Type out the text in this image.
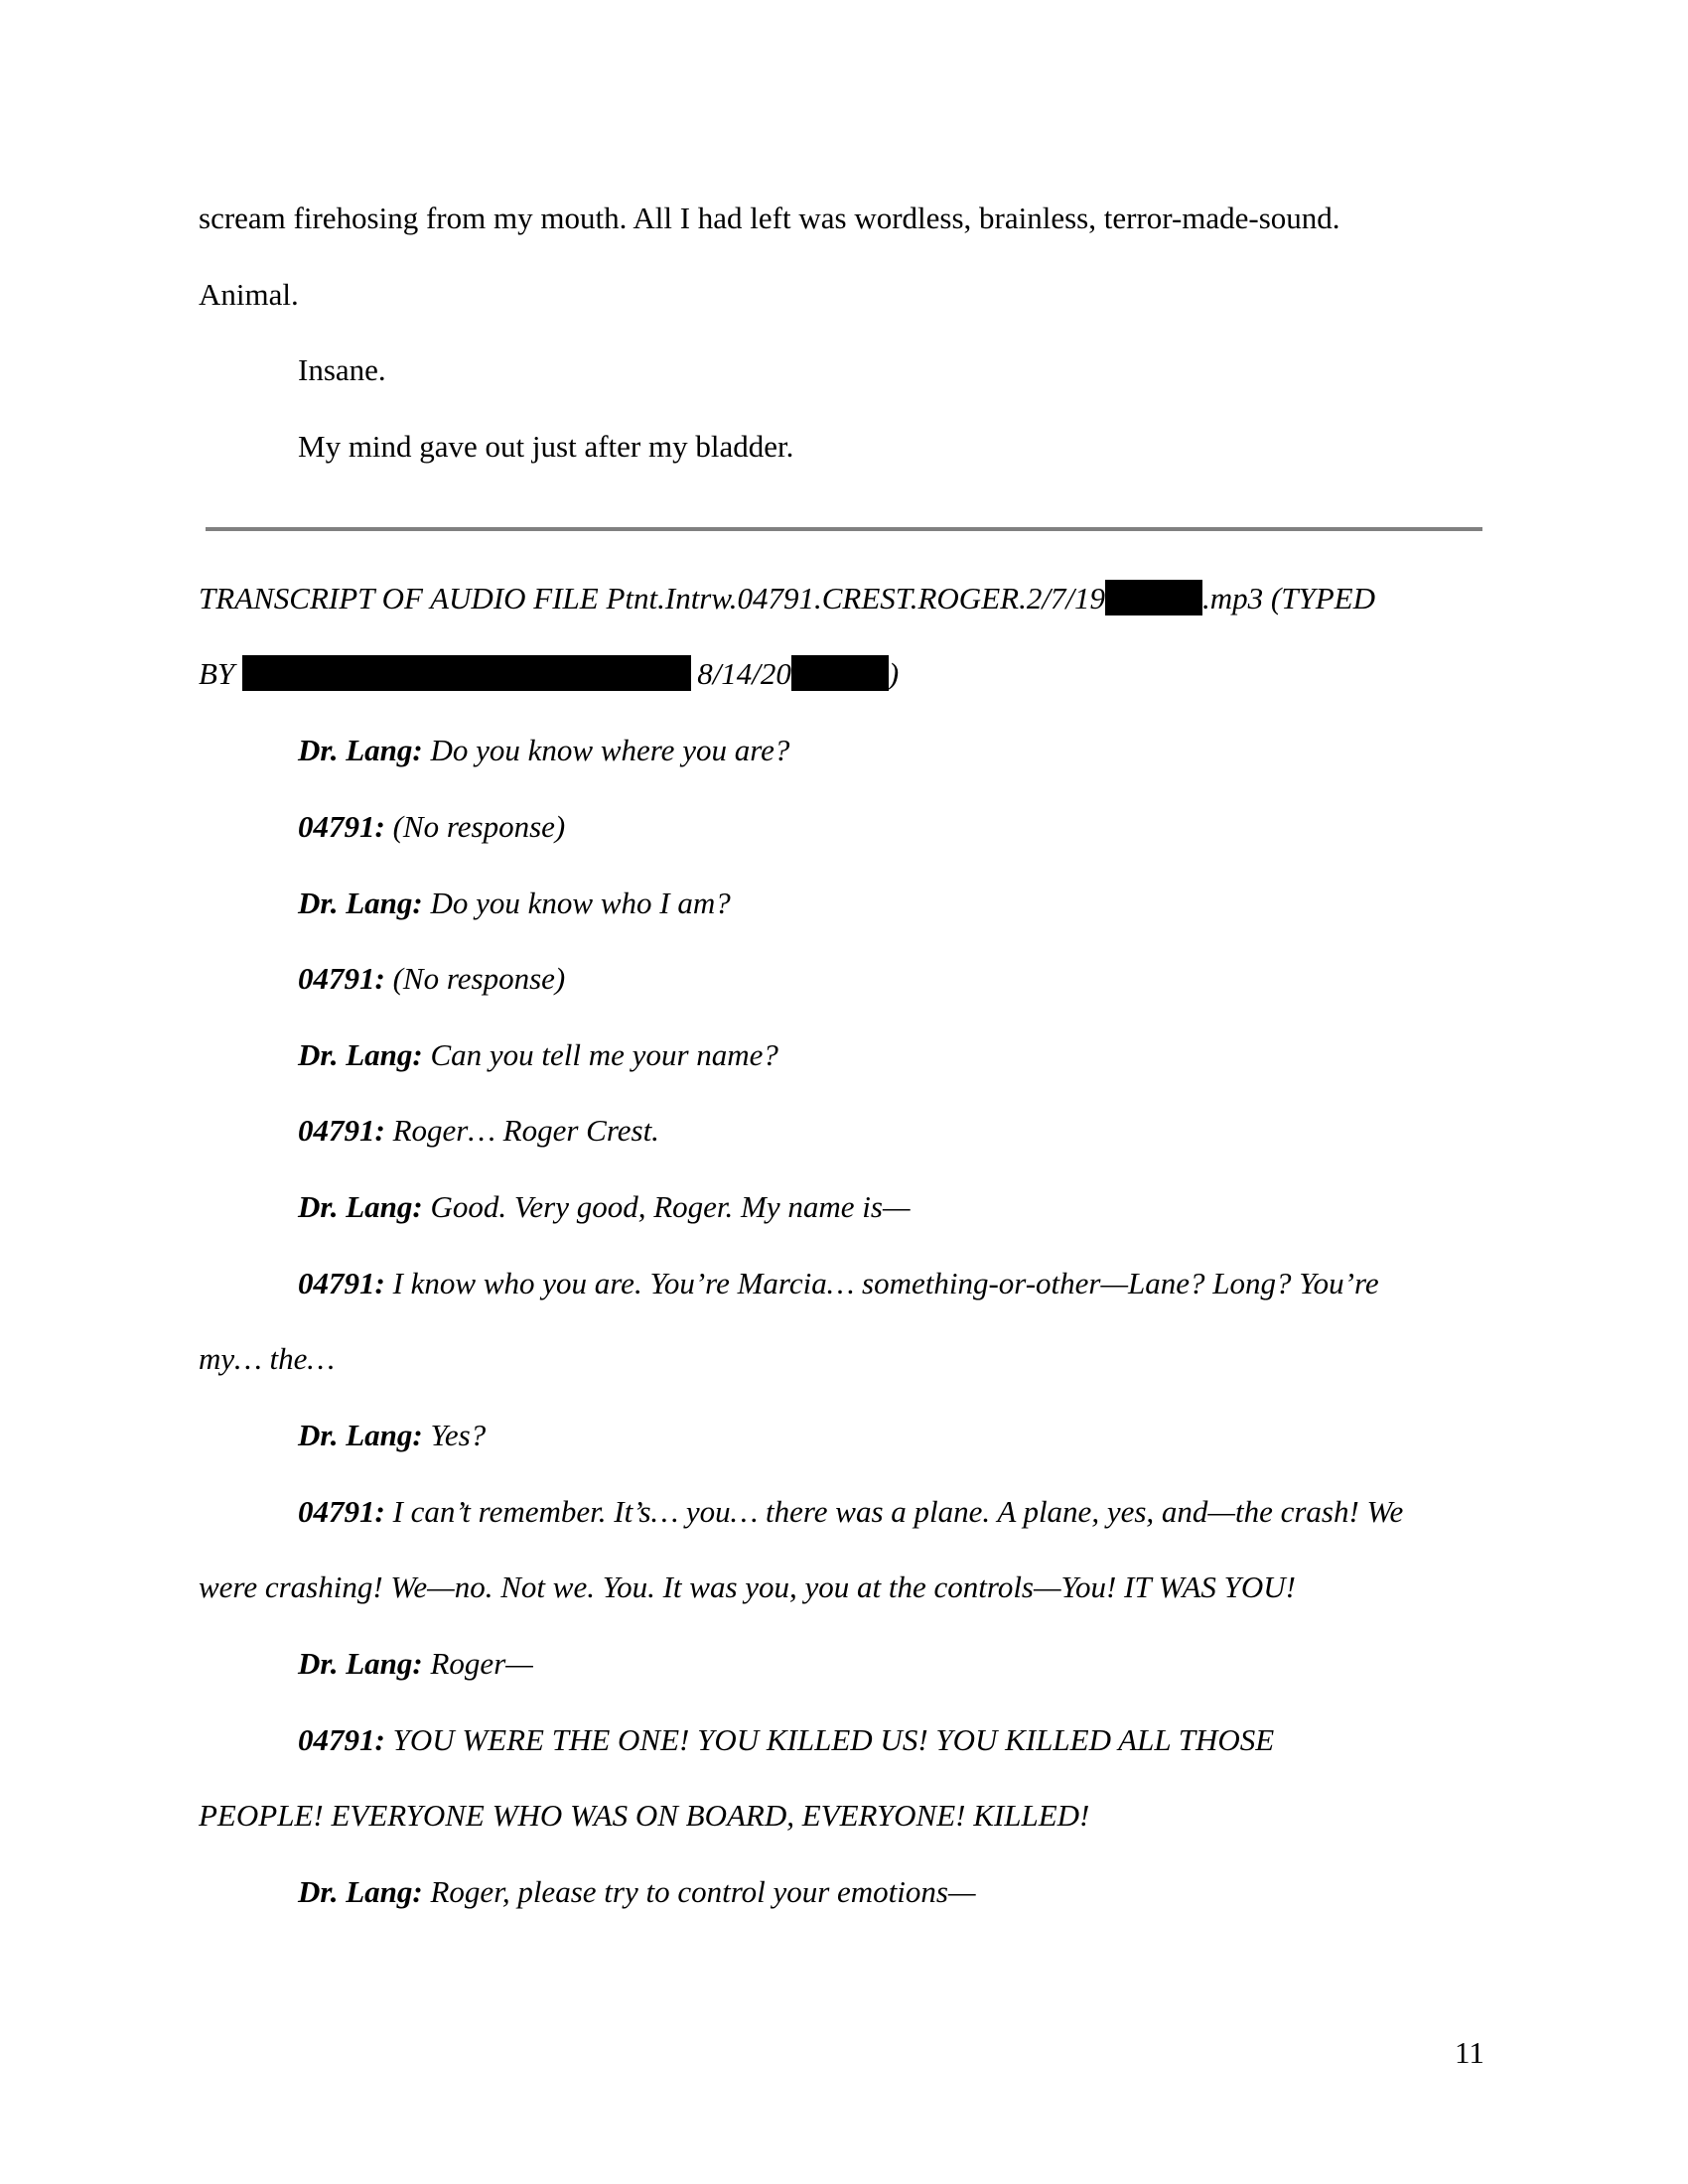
scream firehosing from my mouth. All I had left was wordless, brainless, terror-made-sound.
Animal.
Insane.
My mind gave out just after my bladder.
TRANSCRIPT OF AUDIO FILE Ptnt.Intrw.04791.CREST.ROGER.2/7/19	.mp3 (TYPED
BY	8/14/20	)
Dr. Lang: Do you know where you are?
04791: (No response)
Dr. Lang: Do you know who I am?
04791: (No response)
Dr. Lang: Can you tell me your name?
04791: Roger… Roger Crest.
Dr. Lang: Good. Very good, Roger. My name is—
04791: I know who you are. You’re Marcia… something-or-other—Lane? Long? You’re
my… the…
Dr. Lang: Yes?
04791: I can’t remember. It’s… you… there was a plane. A plane, yes, and—the crash! We
were crashing! We—no. Not we. You. It was you, you at the controls—You! IT WAS YOU!
Dr. Lang: Roger—
04791: YOU WERE THE ONE! YOU KILLED US! YOU KILLED ALL THOSE
PEOPLE! EVERYONE WHO WAS ON BOARD, EVERYONE! KILLED!
Dr. Lang: Roger, please try to control your emotions—
11
